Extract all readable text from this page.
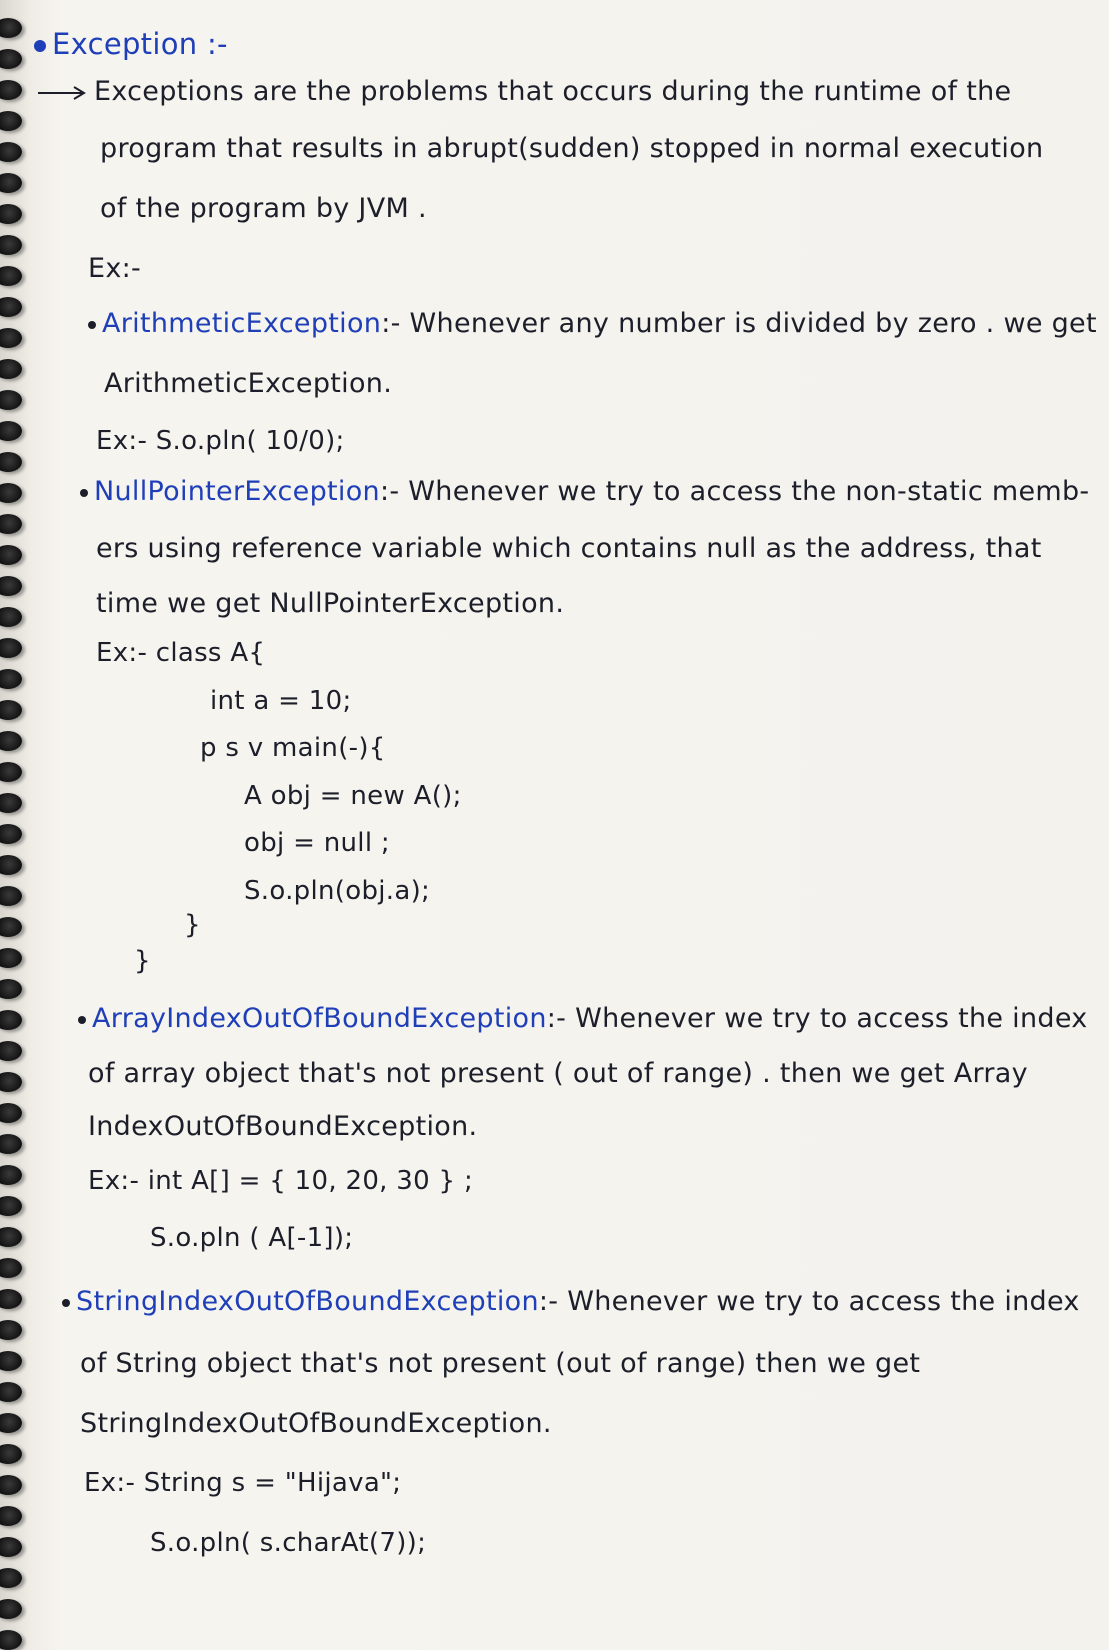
Exception :-
Exceptions are the problems that occurs during the runtime of the
program that results in abrupt(sudden) stopped in normal execution
of the program by JVM .
Ex:-
ArithmeticException:- Whenever any number is divided by zero . we get
ArithmeticException.
Ex:- S.o.pln( 10/0);
NullPointerException:- Whenever we try to access the non-static memb-
ers using reference variable which contains null as the address, that
time we get NullPointerException.
Ex:- class A{
int a = 10;
p s v main(-){
A obj = new A();
obj = null ;
S.o.pln(obj.a);
}
}
ArrayIndexOutOfBoundException:- Whenever we try to access the index
of array object that's not present ( out of range) . then we get Array
IndexOutOfBoundException.
Ex:- int A[] = { 10, 20, 30 } ;
S.o.pln ( A[-1]);
StringIndexOutOfBoundException:- Whenever we try to access the index
of String object that's not present (out of range) then we get
StringIndexOutOfBoundException.
Ex:- String s = "Hijava";
S.o.pln( s.charAt(7));
